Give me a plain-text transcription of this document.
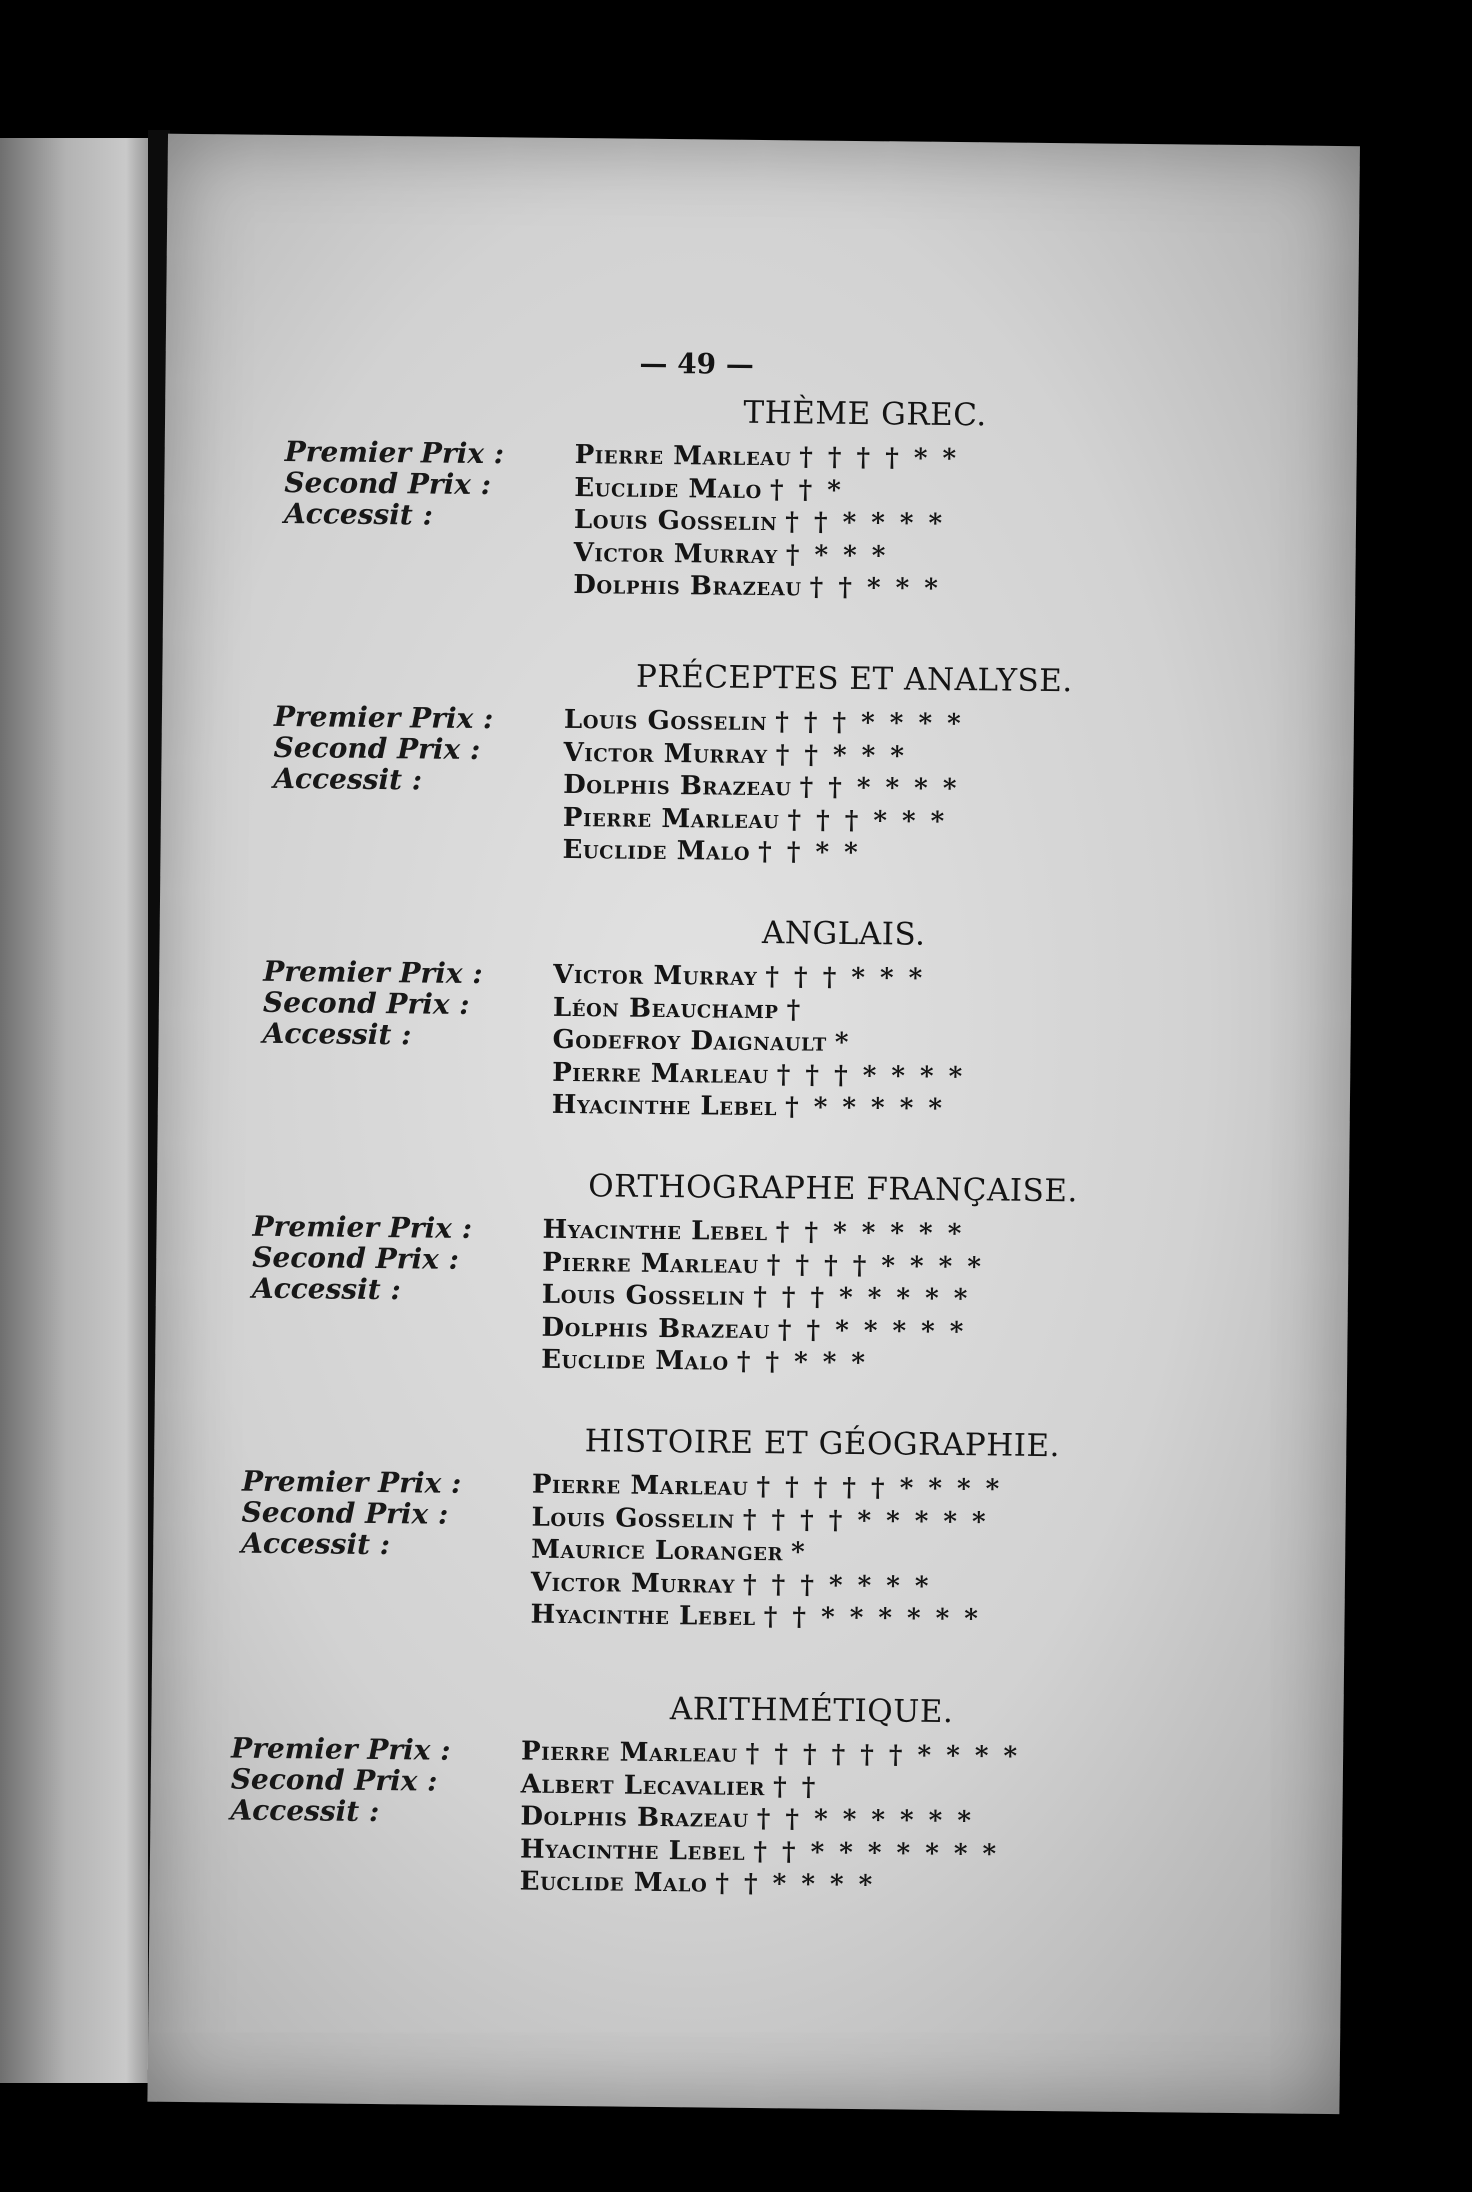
— 49 —
THÈME GREC.
Premier Prix :
Second Prix :
Accessit :
Pierre Marleau † † † † * *
Euclide Malo † † *
Louis Gosselin † † * * * *
Victor Murray † * * *
Dolphis Brazeau † † * * *
PRÉCEPTES ET ANALYSE.
Premier Prix :
Second Prix :
Accessit :
Louis Gosselin † † † * * * *
Victor Murray † † * * *
Dolphis Brazeau † † * * * *
Pierre Marleau † † † * * *
Euclide Malo † † * *
ANGLAIS.
Premier Prix :
Second Prix :
Accessit :
Victor Murray † † † * * *
Léon Beauchamp †
Godefroy Daignault *
Pierre Marleau † † † * * * *
Hyacinthe Lebel † * * * * *
ORTHOGRAPHE FRANÇAISE.
Premier Prix :
Second Prix :
Accessit :
Hyacinthe Lebel † † * * * * *
Pierre Marleau † † † † * * * *
Louis Gosselin † † † * * * * *
Dolphis Brazeau † † * * * * *
Euclide Malo † † * * *
HISTOIRE ET GÉOGRAPHIE.
Premier Prix :
Second Prix :
Accessit :
Pierre Marleau † † † † † * * * *
Louis Gosselin † † † † * * * * *
Maurice Loranger *
Victor Murray † † † * * * *
Hyacinthe Lebel † † * * * * * *
ARITHMÉTIQUE.
Premier Prix :
Second Prix :
Accessit :
Pierre Marleau † † † † † † * * * *
Albert Lecavalier † †
Dolphis Brazeau † † * * * * * *
Hyacinthe Lebel † † * * * * * * *
Euclide Malo † † * * * *
